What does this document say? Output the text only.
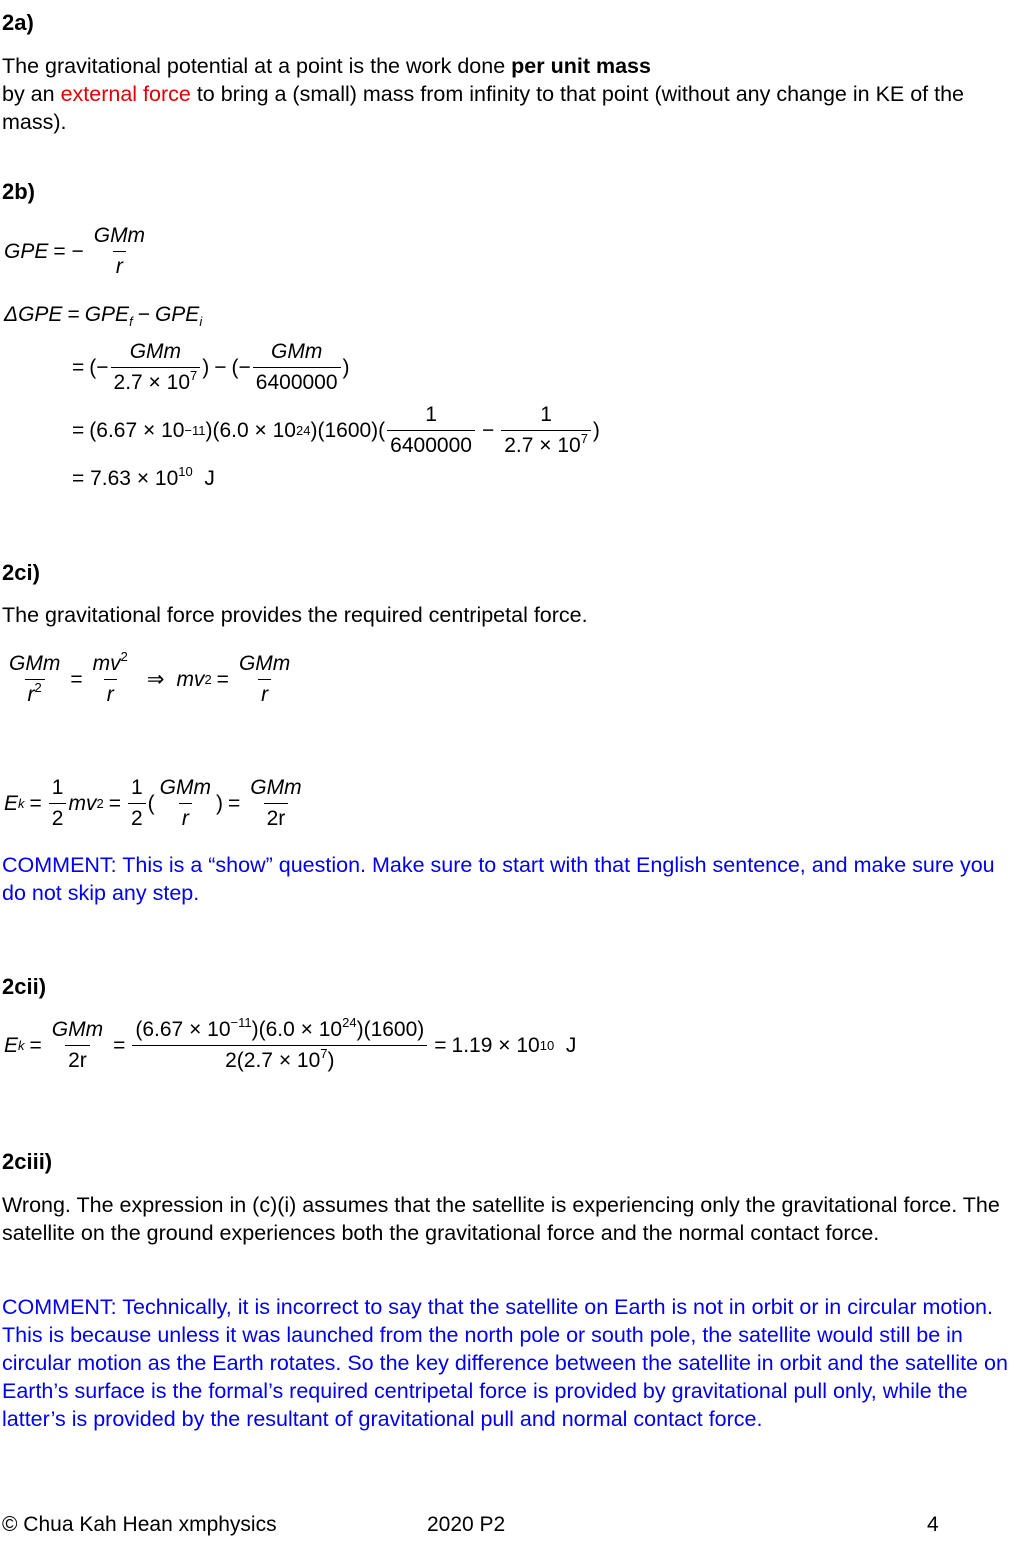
2a)
The gravitational potential at a point is the work done per unit mass
by an external force to bring a (small) mass from infinity to that point (without any change in KE of the mass).
2b)
GPE = − $\frac{\text{GMm}}{r}$
$\Delta GPE = GPE_f - GPE_i$
= (− $\frac{\text{GMm}}{2.7 \times 10^7}$ ) − (− $\frac{\text{GMm}}{6400000}$ )
= (6.67 × 10 −11 )(6.0 × 10 24 )$(1600)( \frac{1}{6400000} - \frac{1}{2.7 \times 10^7}$ )
= $7.63 \times 10^{10}$ J
2ci)
The gravitational force provides the required centripetal force.
$\frac{\text{GMm}}{r^2} = \frac{mv^2}{r}$ ⇒ mv $2 = \frac{\text{GMm}}{r}$
E $k = \frac{1}{2}$ mv $2 = \frac{1}{2}$ ( $\frac{\text{GMm}}{r}$ ) = $\frac{\text{GMm}}{2r}$
COMMENT: This is a “show” question. Make sure to start with that English sentence, and make sure you do not skip any step.
2cii)
E $k = \frac{\text{GMm}}{2r} = \frac{(6.67 \times 10^{-11})(6.0 \times 10^{24})(1600)}{2(2.7 \times 10^7)} = 1.19 \times 10$ 10
J
2ciii)
Wrong. The expression in (c)(i) assumes that the satellite is experiencing only the gravitational force. The satellite on the ground experiences both the gravitational force and the normal contact force.
COMMENT: Technically, it is incorrect to say that the satellite on Earth is not in orbit or in circular motion. This is because unless it was launched from the north pole or south pole, the satellite would still be in circular motion as the Earth rotates. So the key difference between the satellite in orbit and the satellite on Earth’s surface is the formal’s required centripetal force is provided by gravitational pull only, while the latter’s is provided by the resultant of gravitational pull and normal contact force.
© Chua Kah Hean xmphysics	2020 P2	4
